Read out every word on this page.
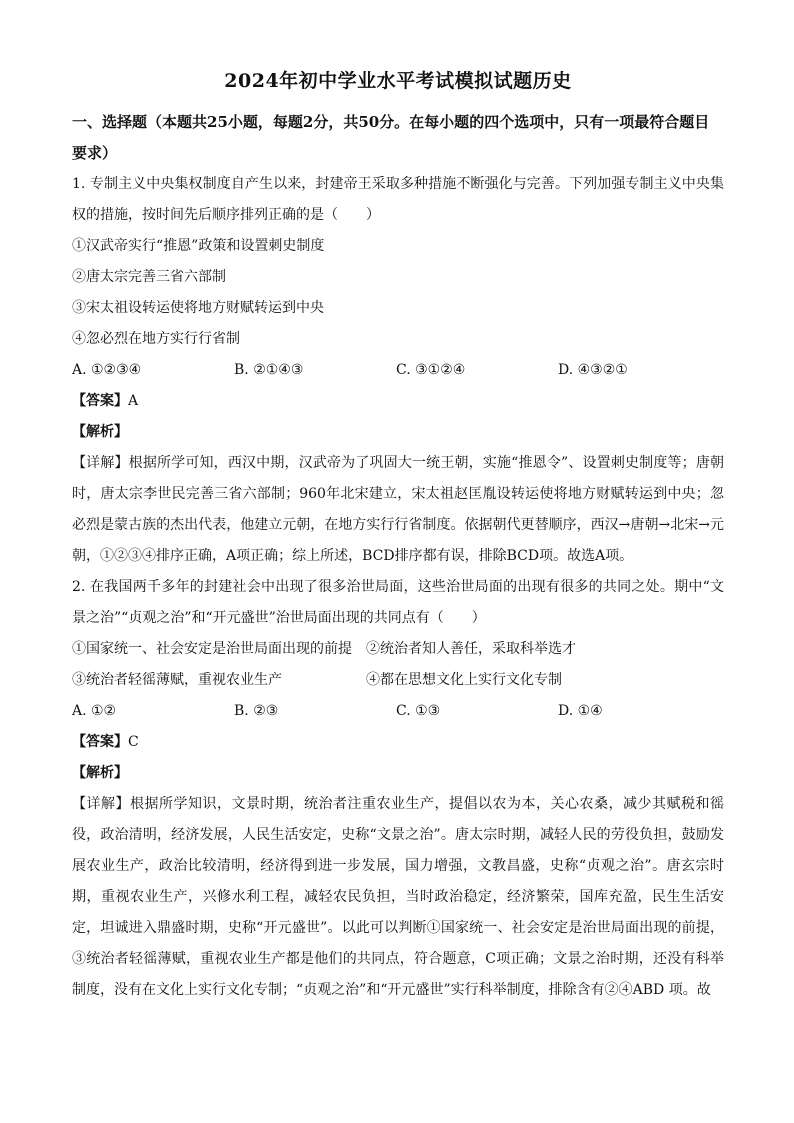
2024年初中学业水平考试模拟试题历史
一、选择题（本题共25小题，每题2分，共50分。在每小题的四个选项中，只有一项最符合题目要求）

1. 专制主义中央集权制度自产生以来，封建帝王采取多种措施不断强化与完善。下列加强专制主义中央集权的措施，按时间先后顺序排列正确的是（　　）

①汉武帝实行“推恩”政策和设置刺史制度

②唐太宗完善三省六部制

③宋太祖设转运使将地方财赋转运到中央

④忽必烈在地方实行行省制

A. ①②③④	B. ②①④③	C. ③①②④	D. ④③②①
【答案】A
【解析】

【详解】根据所学可知，西汉中期，汉武帝为了巩固大一统王朝，实施“推恩令”、设置刺史制度等；唐朝时，唐太宗李世民完善三省六部制；960年北宋建立，宋太祖赵匡胤设转运使将地方财赋转运到中央；忽必烈是蒙古族的杰出代表，他建立元朝，在地方实行行省制度。依据朝代更替顺序，西汉→唐朝→北宋→元朝，①②③④排序正确，A项正确；综上所述，BCD排序都有误，排除BCD项。故选A项。

2. 在我国两千多年的封建社会中出现了很多治世局面，这些治世局面的出现有很多的共同之处。期中“文景之治”“贞观之治”和“开元盛世”治世局面出现的共同点有（　　）

①国家统一、社会安定是治世局面出现的前提	②统治者知人善任，采取科举选才
③统治者轻徭薄赋，重视农业生产	④都在思想文化上实行文化专制
A. ①②	B. ②③	C. ①③	D. ①④
【答案】C
【解析】

【详解】根据所学知识，文景时期，统治者注重农业生产，提倡以农为本，关心农桑，减少其赋税和徭役，政治清明，经济发展，人民生活安定，史称“文景之治”。唐太宗时期，减轻人民的劳役负担，鼓励发展农业生产，政治比较清明，经济得到进一步发展，国力增强，文教昌盛，史称“贞观之治”。唐玄宗时期，重视农业生产，兴修水利工程，减轻农民负担，当时政治稳定，经济繁荣，国库充盈，民生生活安定，坦诚进入鼎盛时期，史称“开元盛世”。以此可以判断①国家统一、社会安定是治世局面出现的前提，③统治者轻徭薄赋，重视农业生产都是他们的共同点，符合题意，C项正确；文景之治时期，还没有科举制度，没有在文化上实行文化专制；“贞观之治”和“开元盛世”实行科举制度，排除含有②④ABD 项。故
